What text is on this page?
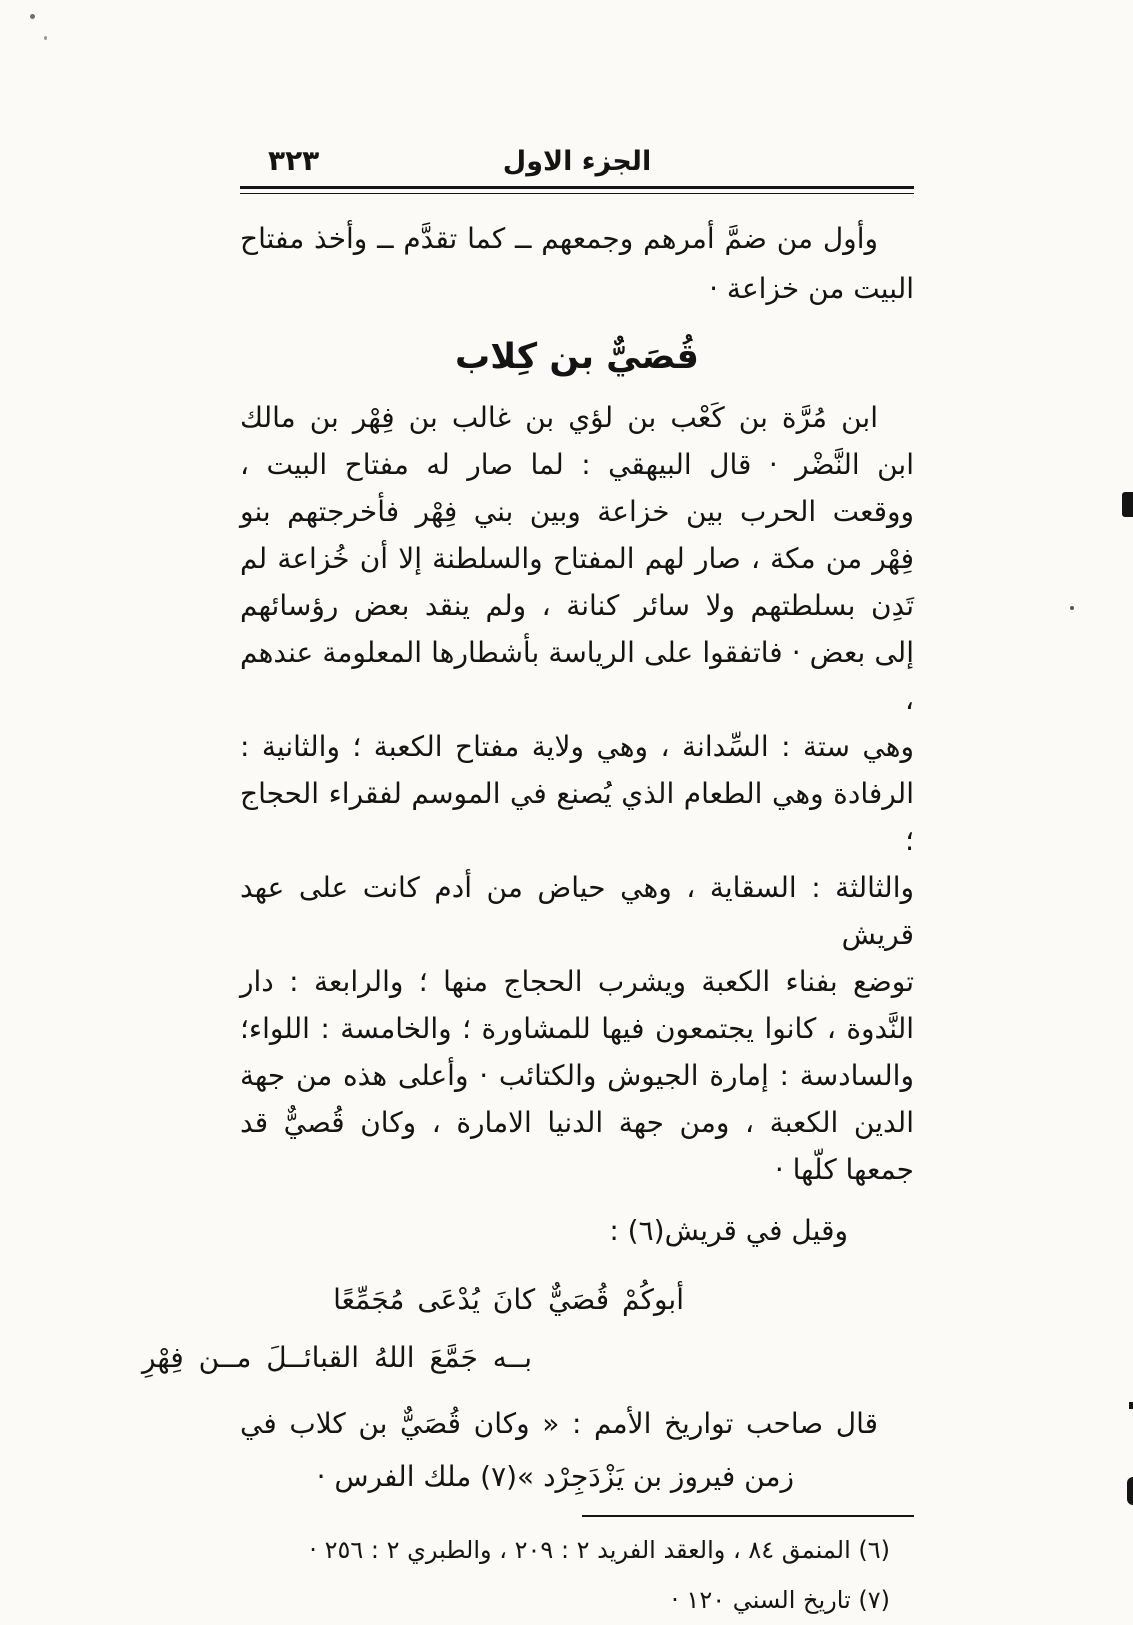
٣٢٣	الجزء الاول
وأول من ضمَّ أمرهم وجمعهم ــ كما تقدَّم ــ وأخذ مفتاح
البيت من خزاعة ·
قُصَيٌّ بن كِلاب
ابن مُرَّة بن كَعْب بن لؤي بن غالب بن فِهْر بن مالك
ابن النَّضْر · قال البيهقي : لما صار له مفتاح البيت ،
ووقعت الحرب بين خزاعة وبين بني فِهْر فأخرجتهم بنو
فِهْر من مكة ، صار لهم المفتاح والسلطنة إلا أن خُزاعة لم
تَدِن بسلطتهم ولا سائر كنانة ، ولم ينقد بعض رؤسائهم
إلى بعض · فاتفقوا على الرياسة بأشطارها المعلومة عندهم ،
وهي ستة : السِّدانة ، وهي ولاية مفتاح الكعبة ؛ والثانية :
الرفادة وهي الطعام الذي يُصنع في الموسم لفقراء الحجاج ؛
والثالثة : السقاية ، وهي حياض من أدم كانت على عهد قريش
توضع بفناء الكعبة ويشرب الحجاج منها ؛ والرابعة : دار
النَّدوة ، كانوا يجتمعون فيها للمشاورة ؛ والخامسة : اللواء؛
والسادسة : إمارة الجيوش والكتائب · وأعلى هذه من جهة
الدين الكعبة ، ومن جهة الدنيا الامارة ، وكان قُصيٌّ قد
جمعها كلّها ·
وقيل في قريش(٦) :
أبوكُمْ قُصَيٌّ كانَ يُدْعَى مُجَمِّعًا
بــه جَمَّعَ اللهُ القبائــلَ مــن فِهْرِ
قال صاحب تواريخ الأمم : « وكان قُصَيٌّ بن كلاب في
زمن فيروز بن يَزْدَجِرْد »(٧) ملك الفرس ·
(٦) المنمق ٨٤ ، والعقد الفريد ٢ : ٢٠٩ ، والطبري ٢ : ٢٥٦ ·
(٧) تاريخ السني ١٢٠ ·
